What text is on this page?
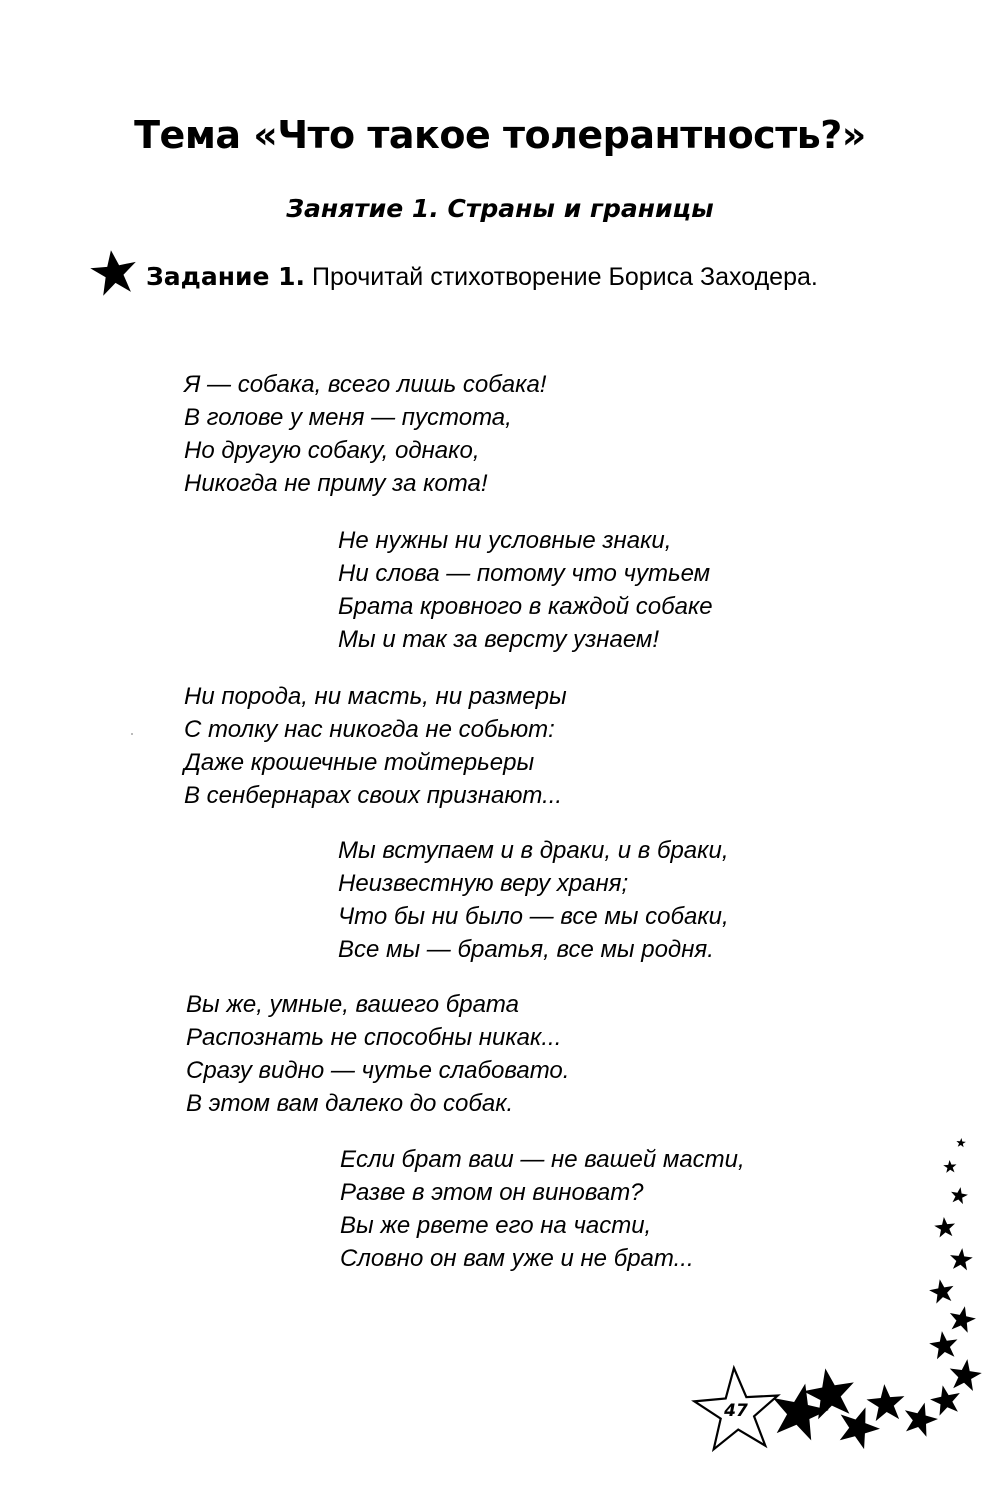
Тема «Что такое толерантность?»
Занятие 1. Страны и границы
Задание 1. Прочитай стихотворение Бориса Заходера.
Я — собака, всего лишь собака!
В голове у меня — пустота,
Но другую собаку, однако,
Никогда не приму за кота!
Не нужны ни условные знаки,
Ни слова — потому что чутьем
Брата кровного в каждой собаке
Мы и так за версту узнаем!
Ни порода, ни масть, ни размеры
С толку нас никогда не собьют:
Даже крошечные тойтерьеры
В сенбернарах своих признают...
Мы вступаем и в драки, и в браки,
Неизвестную веру храня;
Что бы ни было — все мы собаки,
Все мы — братья, все мы родня.
Вы же, умные, вашего брата
Распознать не способны никак...
Сразу видно — чутье слабовато.
В этом вам далеко до собак.
Если брат ваш — не вашей масти,
Разве в этом он виноват?
Вы же рвете его на части,
Словно он вам уже и не брат...
47
